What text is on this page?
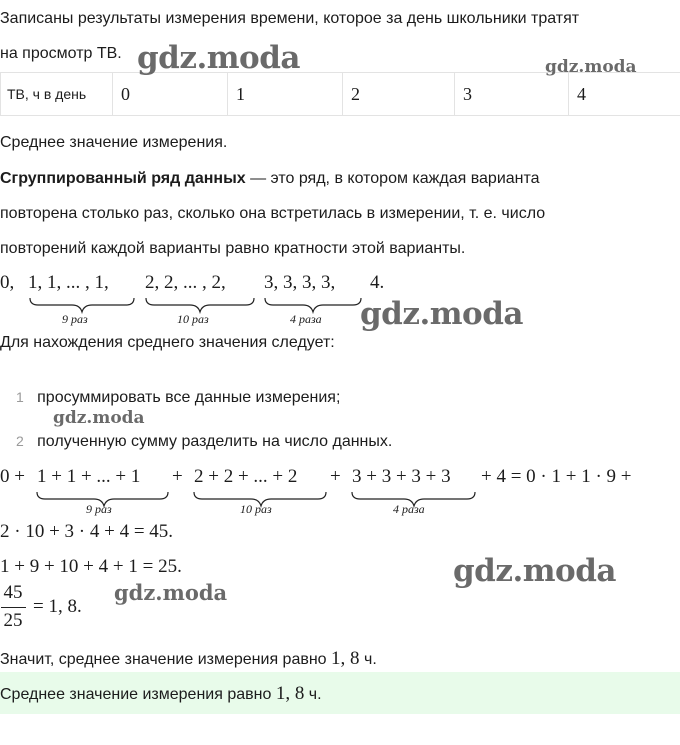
Записаны результаты измерения времени, которое за день школьники тратят
на просмотр ТВ.
ТВ, ч в день	0	1	2	3	4
Среднее значение измерения.
Сгруппированный ряд данных — это ряд, в котором каждая варианта
повторена столько раз, сколько она встретилась в измерении, т. е. число
повторений каждой варианты равно кратности этой варианты.
0, 1, 1, ... , 1, 2, 2, ... , 2, 3, 3, 3, 3, 4.
9 раз	10 раз	4 раза
Для нахождения среднего значения следует:
1 просуммировать все данные измерения;
2 полученную сумму разделить на число данных.
0 + 1 + 1 + ... + 1 + 2 + 2 + ... + 2 + 3 + 3 + 3 + 3 + 4 = 0 · 1 + 1 · 9 +
9 раз	10 раз	4 раза
2 · 10 + 3 · 4 + 4 = 45.
1 + 9 + 10 + 4 + 1 = 25.
45
25
= 1, 8.
Значит, среднее значение измерения равно 1, 8 ч.
Среднее значение измерения равно 1, 8 ч.
gdz.moda	gdz.moda
gdz.moda
gdz.moda
gdz.moda
gdz.moda
